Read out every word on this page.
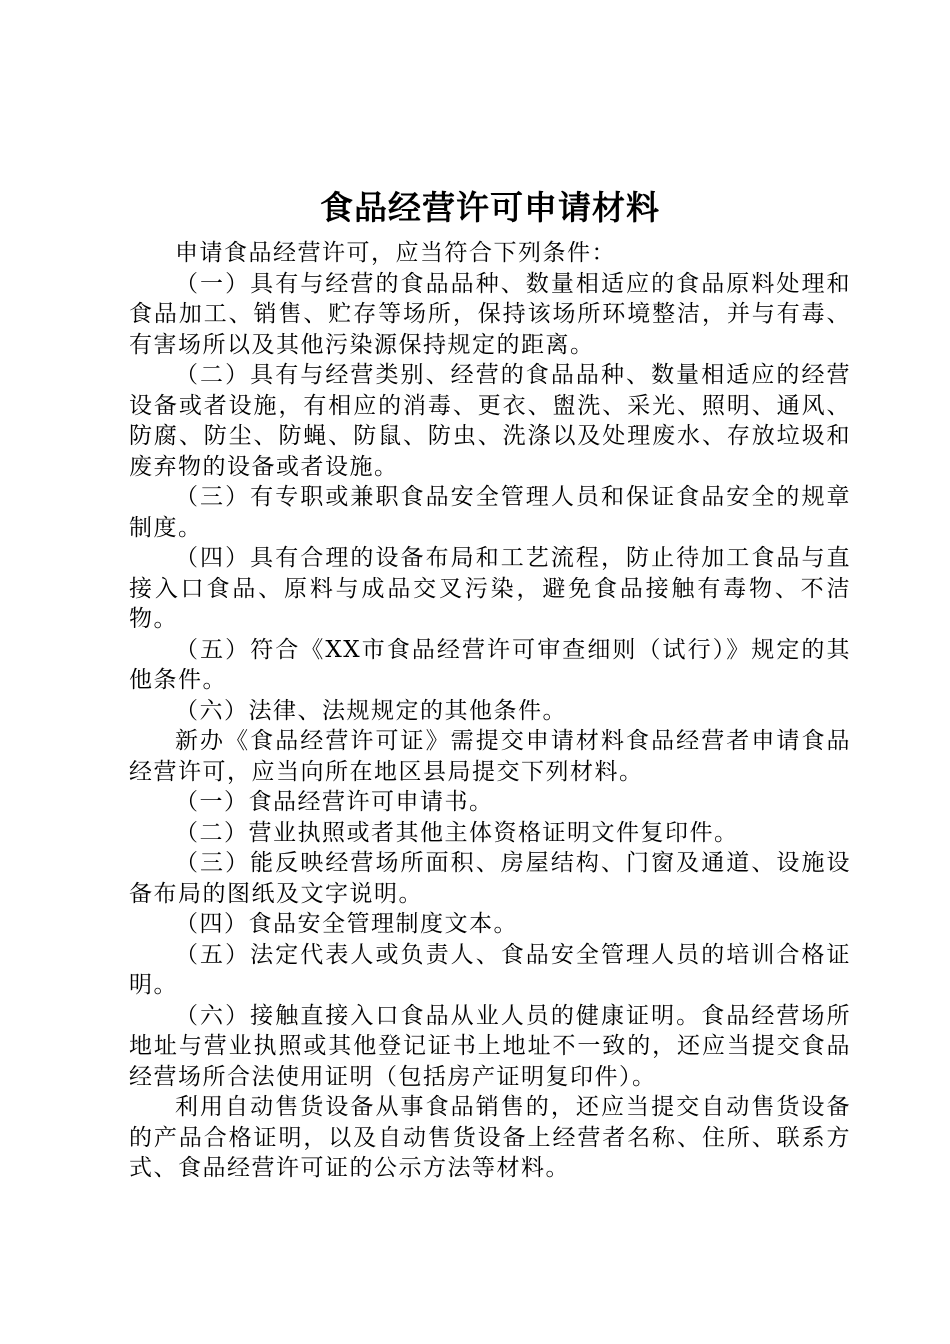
食品经营许可申请材料

申请食品经营许可，应当符合下列条件：

（一）具有与经营的食品品种、数量相适应的食品原料处理和食品加工、销售、贮存等场所，保持该场所环境整洁，并与有毒、有害场所以及其他污染源保持规定的距离。

（二）具有与经营类别、经营的食品品种、数量相适应的经营设备或者设施，有相应的消毒、更衣、盥洗、采光、照明、通风、防腐、防尘、防蝇、防鼠、防虫、洗涤以及处理废水、存放垃圾和废弃物的设备或者设施。

（三）有专职或兼职食品安全管理人员和保证食品安全的规章制度。

（四）具有合理的设备布局和工艺流程，防止待加工食品与直接入口食品、原料与成品交叉污染，避免食品接触有毒物、不洁物。

（五）符合《XX市食品经营许可审查细则（试行）》规定的其他条件。

（六）法律、法规规定的其他条件。

新办《食品经营许可证》需提交申请材料食品经营者申请食品经营许可，应当向所在地区县局提交下列材料。

（一）食品经营许可申请书。

（二）营业执照或者其他主体资格证明文件复印件。

（三）能反映经营场所面积、房屋结构、门窗及通道、设施设备布局的图纸及文字说明。

（四）食品安全管理制度文本。

（五）法定代表人或负责人、食品安全管理人员的培训合格证明。

（六）接触直接入口食品从业人员的健康证明。食品经营场所地址与营业执照或其他登记证书上地址不一致的，还应当提交食品经营场所合法使用证明（包括房产证明复印件）。

利用自动售货设备从事食品销售的，还应当提交自动售货设备的产品合格证明，以及自动售货设备上经营者名称、住所、联系方式、食品经营许可证的公示方法等材料。
